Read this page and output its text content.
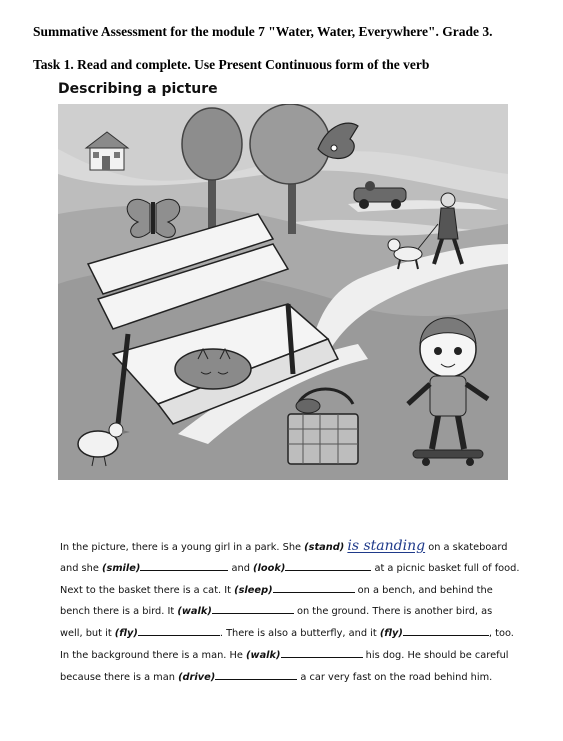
Summative Assessment for the module 7 "Water, Water, Everywhere". Grade 3.
Task 1. Read and complete. Use Present Continuous form of the verb
Describing a picture
In the picture, there is a young girl in a park. She (stand) is standing on a skateboard
and she (smile)	and (look)	at a picnic basket full of food.
Next to the basket there is a cat. It (sleep)	on a bench, and behind the
bench there is a bird. It (walk)	on the ground. There is another bird, as
well, but it (fly)	. There is also a butterfly, and it (fly)	, too.
In the background there is a man. He (walk)	his dog. He should be careful
because there is a man (drive)	a car very fast on the road behind him.
